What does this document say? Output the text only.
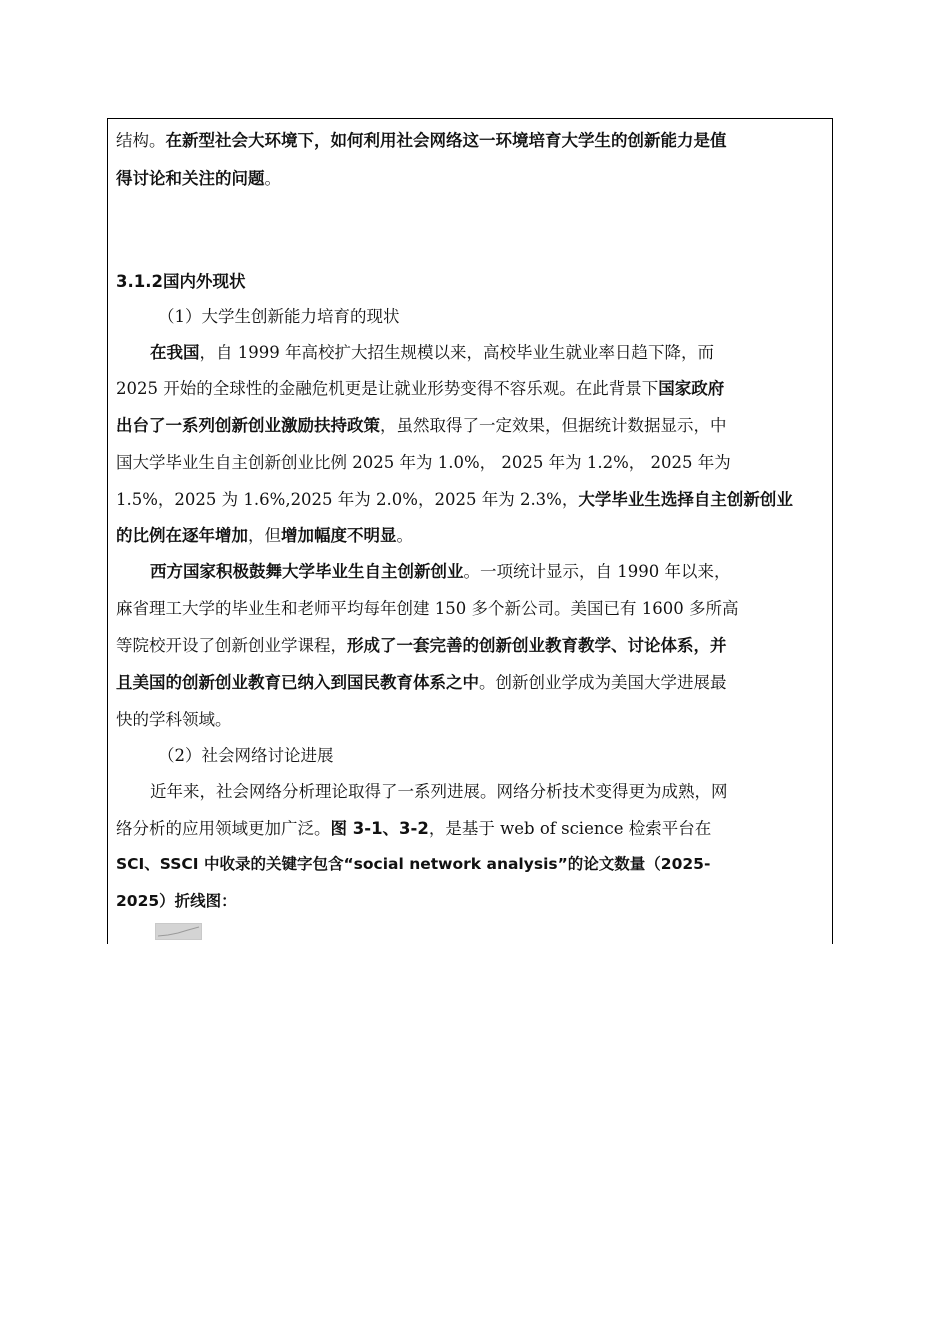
结构。在新型社会大环境下，如何利用社会网络这一环境培育大学生的创新能力是值
得讨论和关注的问题。
3.1.2国内外现状
（1）大学生创新能力培育的现状
在我国，自 1999 年高校扩大招生规模以来，高校毕业生就业率日趋下降，而
2025 开始的全球性的金融危机更是让就业形势变得不容乐观。在此背景下国家政府
出台了一系列创新创业激励扶持政策，虽然取得了一定效果，但据统计数据显示，中
国大学毕业生自主创新创业比例 2025 年为 1.0%， 2025 年为 1.2%， 2025 年为
1.5%，2025 为 1.6%,2025 年为 2.0%，2025 年为 2.3%，大学毕业生选择自主创新创业
的比例在逐年增加，但增加幅度不明显。
西方国家积极鼓舞大学毕业生自主创新创业。一项统计显示，自 1990 年以来，
麻省理工大学的毕业生和老师平均每年创建 150 多个新公司。美国已有 1600 多所高
等院校开设了创新创业学课程，形成了一套完善的创新创业教育教学、讨论体系，并
且美国的创新创业教育已纳入到国民教育体系之中。创新创业学成为美国大学进展最
快的学科领域。
（2）社会网络讨论进展
近年来，社会网络分析理论取得了一系列进展。网络分析技术变得更为成熟，网
络分析的应用领域更加广泛。图 3-1、3-2，是基于 web of science 检索平台在
SCI、SSCI 中收录的关键字包含“social network analysis”的论文数量（2025-
2025）折线图：
